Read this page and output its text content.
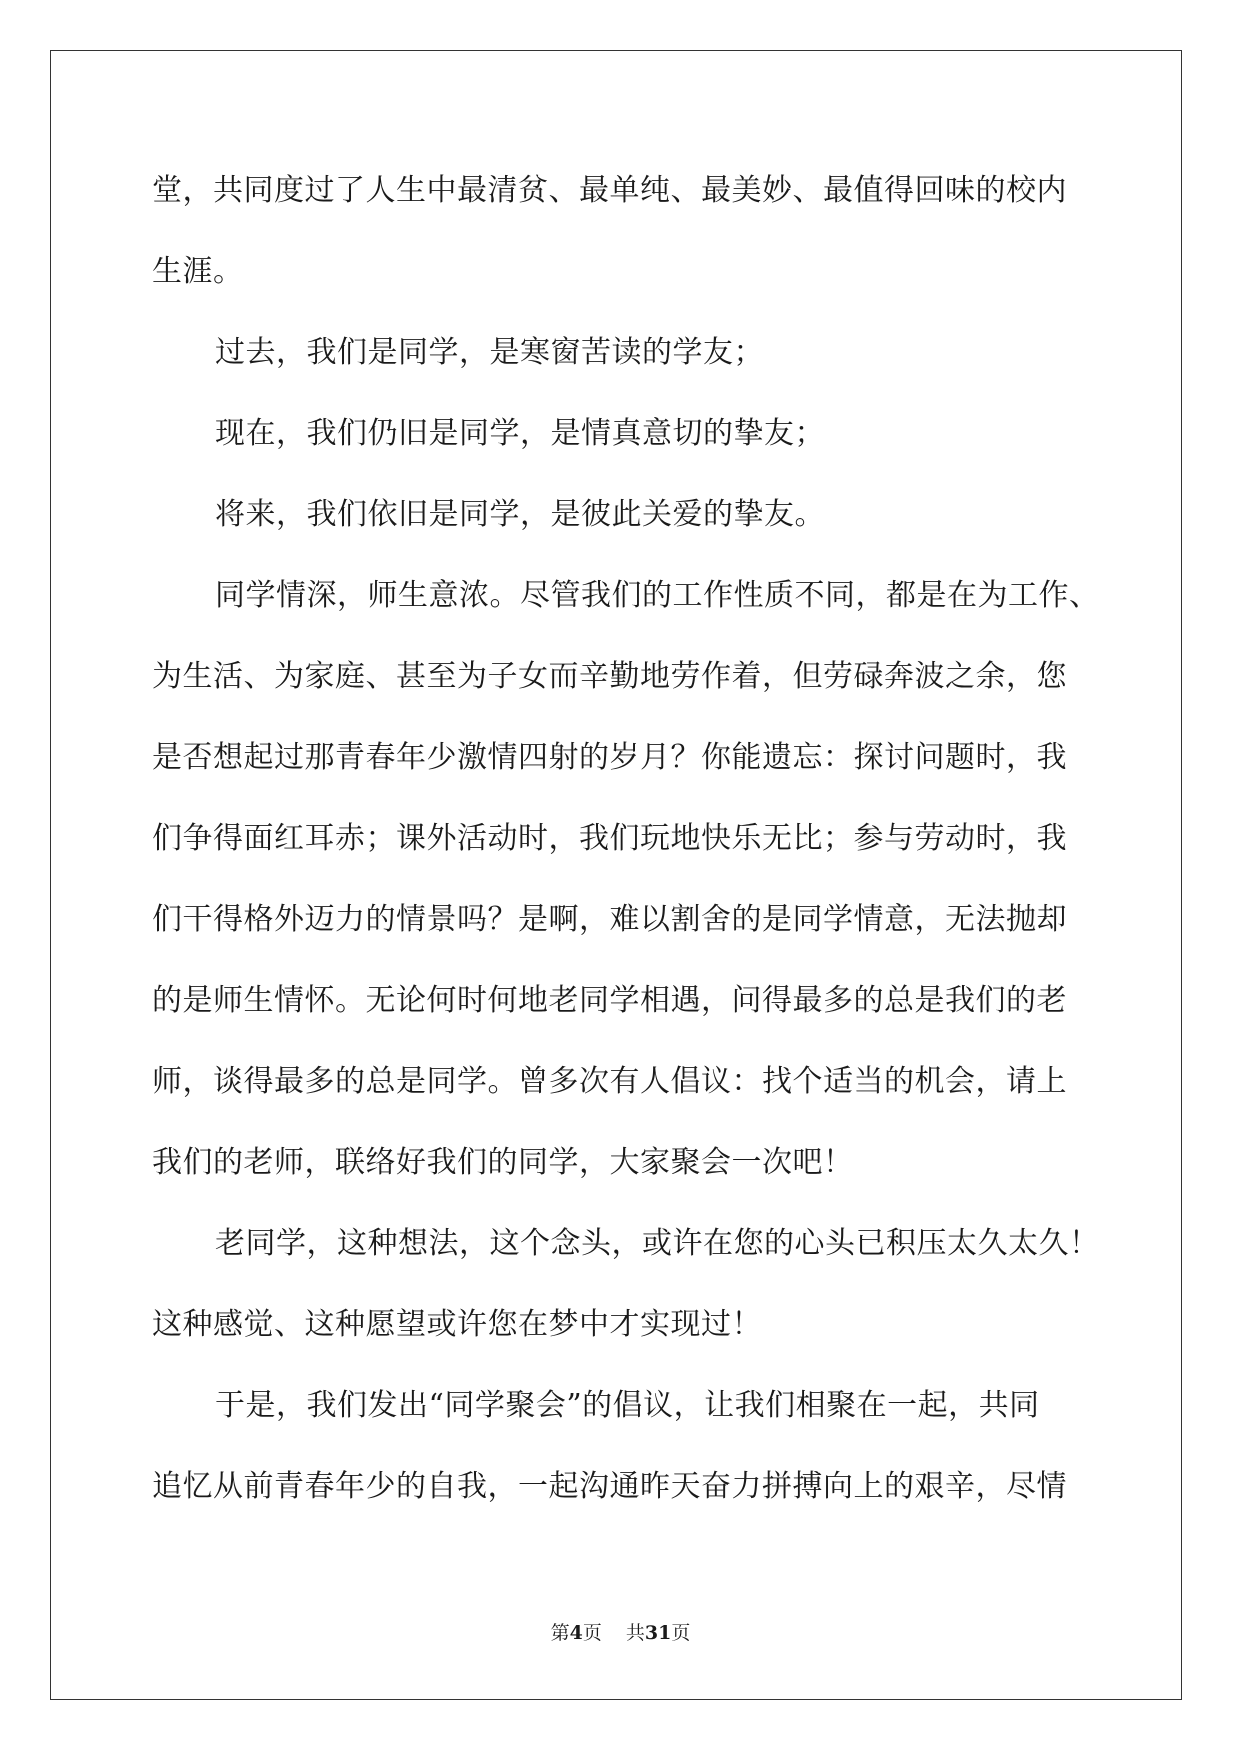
堂，共同度过了人生中最清贫、最单纯、最美妙、最值得回味的校内
生涯。
过去，我们是同学，是寒窗苦读的学友；
现在，我们仍旧是同学，是情真意切的挚友；
将来，我们依旧是同学，是彼此关爱的挚友。
同学情深，师生意浓。尽管我们的工作性质不同，都是在为工作、
为生活、为家庭、甚至为子女而辛勤地劳作着，但劳碌奔波之余，您
是否想起过那青春年少激情四射的岁月？你能遗忘：探讨问题时，我
们争得面红耳赤；课外活动时，我们玩地快乐无比；参与劳动时，我
们干得格外迈力的情景吗？是啊，难以割舍的是同学情意，无法抛却
的是师生情怀。无论何时何地老同学相遇，问得最多的总是我们的老
师，谈得最多的总是同学。曾多次有人倡议：找个适当的机会，请上
我们的老师，联络好我们的同学，大家聚会一次吧！
老同学，这种想法，这个念头，或许在您的心头已积压太久太久！
这种感觉、这种愿望或许您在梦中才实现过！
于是，我们发出“同学聚会”的倡议，让我们相聚在一起，共同
追忆从前青春年少的自我，一起沟通昨天奋力拼搏向上的艰辛，尽情
第4页 共31页
